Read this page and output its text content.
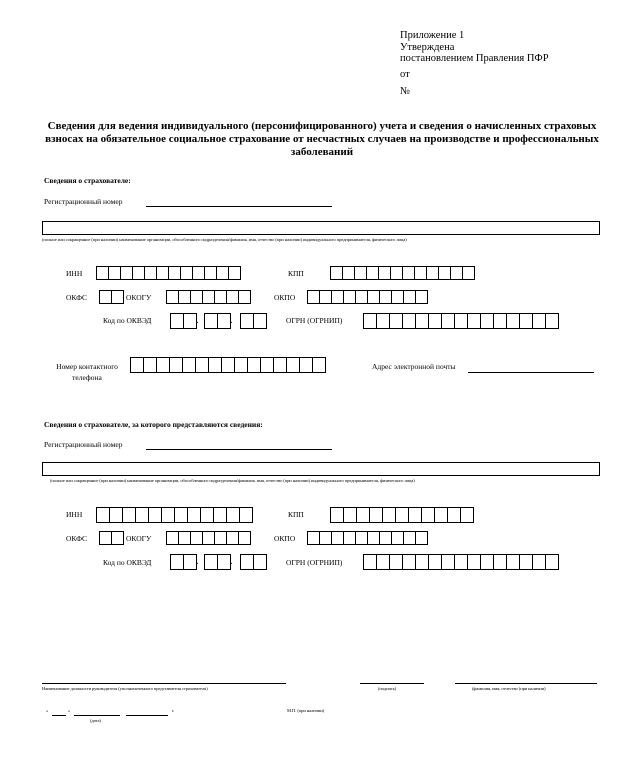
Приложение 1
Утверждена
постановлением Правления ПФР
от
№
Сведения для ведения индивидуального (персонифицированного) учета и сведения о начисленных страховых взносах на обязательное социальное страхование от несчастных случаев на производстве и профессиональных заболеваний
Сведения о страхователе:
Регистрационный номер
(полное или сокращенное (при наличии) наименование организации, обособленного подразделения/фамилия, имя, отчество (при наличии) индивидуального предпринимателя, физического лица)
ИНН	КПП
ОКФС	ОКОГУ	ОКПО
Код по ОКВЭД	.	.	ОГРН (ОГРНИП)
Номер контактного
телефона
Адрес электронной почты
Сведения о страхователе, за которого представляются сведения:
Регистрационный номер
(полное или сокращенное (при наличии) наименование организации, обособленного подразделения/фамилия, имя, отчество (при наличии) индивидуального предпринимателя, физического лица)
ИНН	КПП
ОКФС	ОКОГУ	ОКПО
Код по ОКВЭД	.	.	ОГРН (ОГРНИП)
Наименование должности руководителя (уполномоченного представителя страхователя)	(подпись)	(фамилия, имя, отчество (при наличии)
«	»	г.
(дата)
М.П. (при наличии)
